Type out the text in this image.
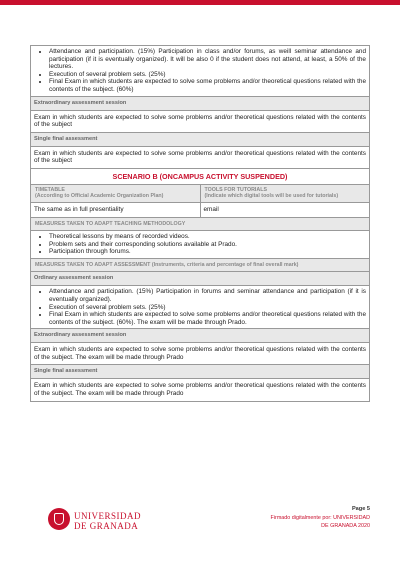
• Attendance and participation. (15%) Participation in class and/or forums, as weill seminar attendance and participation (if it is eventually organized). It will be also 0 if the student does not attend, at least, a 50% of the lectures.
• Execution of several problem sets. (25%)
• Final Exam in which students are expected to solve some problems and/or theoretical questions related with the contents of the subject. (60%)
Extraordinary assessment session
Exam in which students are expected to solve some problems and/or theoretical questions related with the contents of the subject
Single final assessment
Exam in which students are expected to solve some problems and/or theoretical questions related with the contents of the subject
SCENARIO B (ONCAMPUS ACTIVITY SUSPENDED)
TIMETABLE
(According to Official Academic Organization Plan)
TOOLS FOR TUTORIALS
(Indicate which digital tools will be used for tutorials)
The same as in full presentiality	email
MEASURES TAKEN TO ADAPT TEACHING METHODOLOGY
• Theoretical lessons by means of recorded videos.
• Problem sets and their corresponding solutions available at Prado.
• Participation through forums.
MEASURES TAKEN TO ADAPT ASSESSMENT (Instruments, criteria and percentage of final overall mark)
Ordinary assessment session
• Attendance and participation. (15%) Participation in forums and seminar attendance and participation (if it is eventually organized).
• Execution of several problem sets. (25%)
• Final Exam in which students are expected to solve some problems and/or theoretical questions related with the contents of the subject. (60%). The exam will be made through Prado.
Extraordinary assessment session
Exam in which students are expected to solve some problems and/or theoretical questions related with the contents of the subject. The exam will be made through Prado
Single final assessment
Exam in which students are expected to solve some problems and/or theoretical questions related with the contents of the subject. The exam will be made through Prado
UNIVERSIDAD
DE GRANADA
Page 5
Firmado digitalmente por: UNIVERSIDAD
DE GRANADA 2020
